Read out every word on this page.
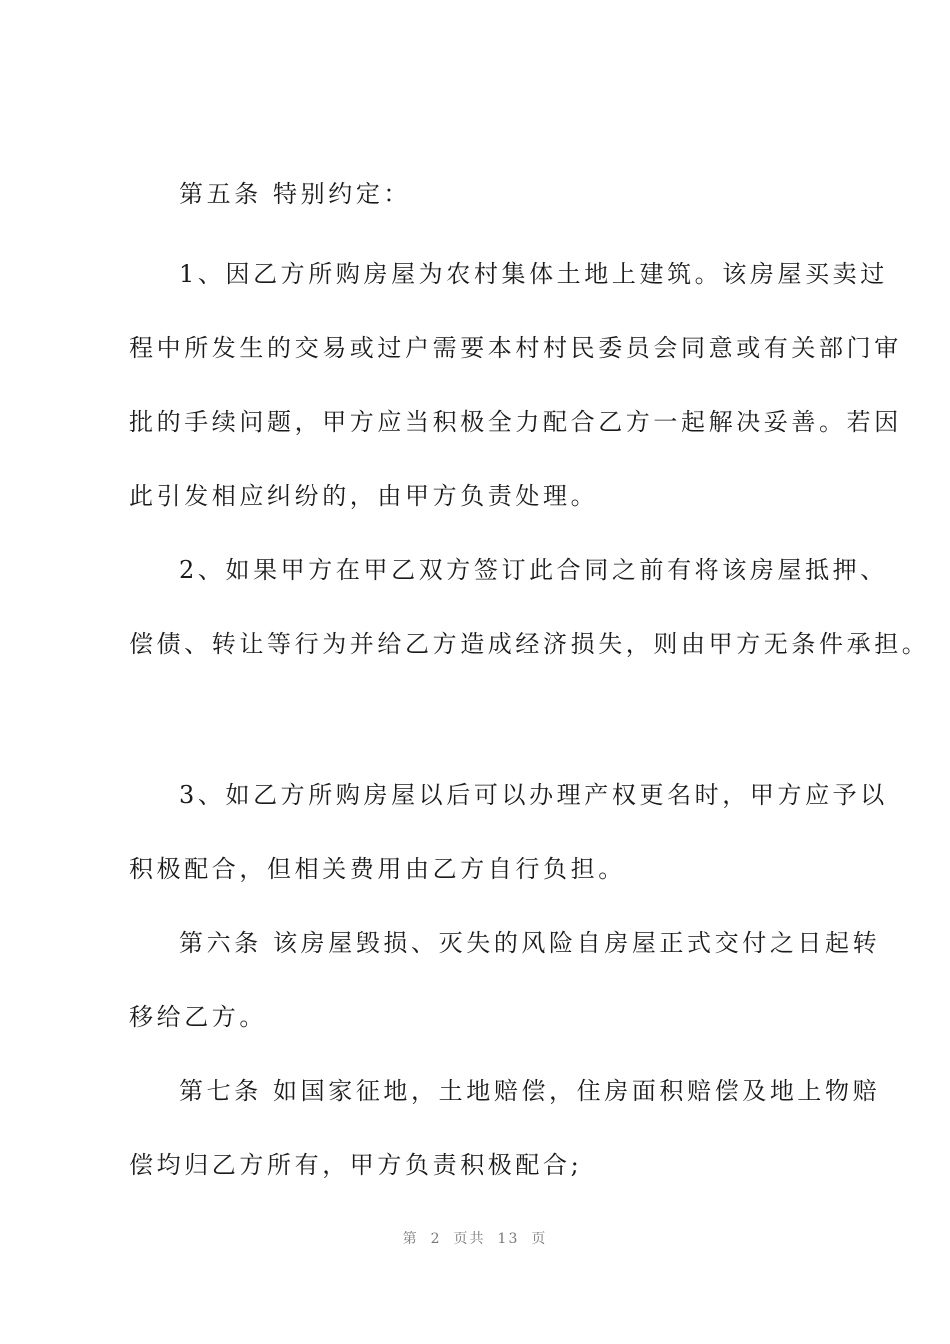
第五条 特别约定：
1、因乙方所购房屋为农村集体土地上建筑。该房屋买卖过
程中所发生的交易或过户需要本村村民委员会同意或有关部门审
批的手续问题，甲方应当积极全力配合乙方一起解决妥善。若因
此引发相应纠纷的，由甲方负责处理。
2、如果甲方在甲乙双方签订此合同之前有将该房屋抵押、
偿债、转让等行为并给乙方造成经济损失，则由甲方无条件承担。
3、如乙方所购房屋以后可以办理产权更名时，甲方应予以
积极配合，但相关费用由乙方自行负担。
第六条 该房屋毁损、灭失的风险自房屋正式交付之日起转
移给乙方。
第七条 如国家征地，土地赔偿，住房面积赔偿及地上物赔
偿均归乙方所有，甲方负责积极配合;
第 2 页共 13 页
